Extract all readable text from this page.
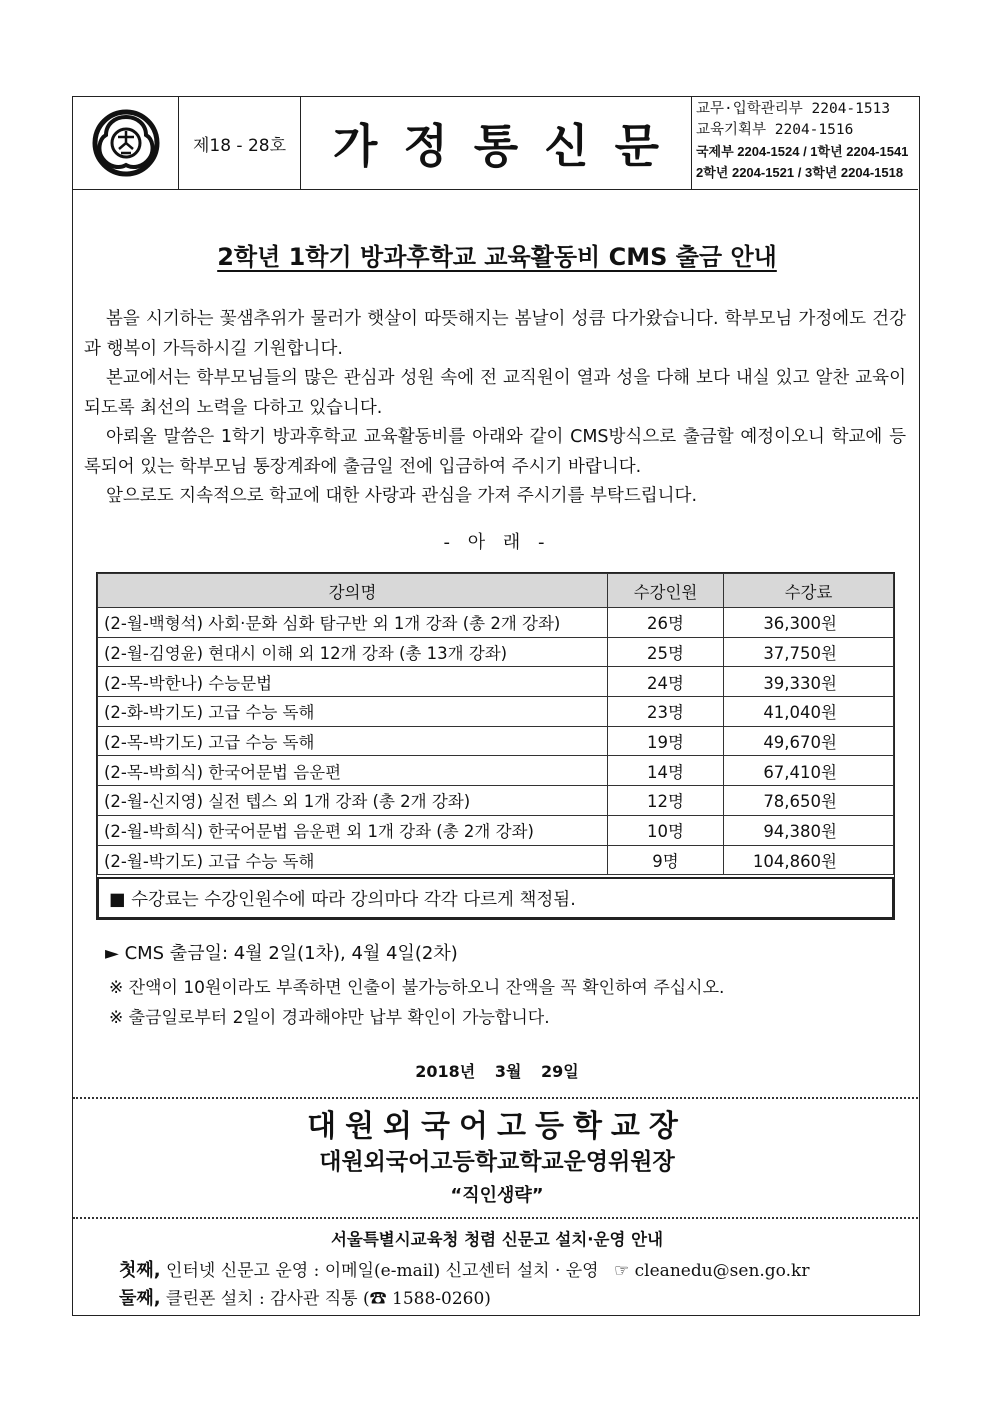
제18 - 28호	가정통신문
교무·입학관리부 2204-1513
교육기획부 2204-1516
국제부 2204-1524 / 1학년 2204-1541
2학년 2204-1521 / 3학년 2204-1518
2학년 1학기 방과후학교 교육활동비 CMS 출금 안내

봄을 시기하는 꽃샘추위가 물러가 햇살이 따뜻해지는 봄날이 성큼 다가왔습니다. 학부모님 가정에도 건강과 행복이 가득하시길 기원합니다.

본교에서는 학부모님들의 많은 관심과 성원 속에 전 교직원이 열과 성을 다해 보다 내실 있고 알찬 교육이 되도록 최선의 노력을 다하고 있습니다.

아뢰올 말씀은 1학기 방과후학교 교육활동비를 아래와 같이 CMS방식으로 출금할 예정이오니 학교에 등록되어 있는 학부모님 통장계좌에 출금일 전에 입금하여 주시기 바랍니다.

앞으로도 지속적으로 학교에 대한 사랑과 관심을 가져 주시기를 부탁드립니다.

- 아 래 -
강의명	수강인원	수강료
(2-월-백형석) 사회·문화 심화 탐구반 외 1개 강좌 (총 2개 강좌)	26명	36,300원
(2-월-김영윤) 현대시 이해 외 12개 강좌 (총 13개 강좌)	25명	37,750원
(2-목-박한나) 수능문법	24명	39,330원
(2-화-박기도) 고급 수능 독해	23명	41,040원
(2-목-박기도) 고급 수능 독해	19명	49,670원
(2-목-박희식) 한국어문법 음운편	14명	67,410원
(2-월-신지영) 실전 텝스 외 1개 강좌 (총 2개 강좌)	12명	78,650원
(2-월-박희식) 한국어문법 음운편 외 1개 강좌 (총 2개 강좌)	10명	94,380원
(2-월-박기도) 고급 수능 독해	9명	104,860원
■ 수강료는 수강인원수에 따라 강의마다 각각 다르게 책정됨.
► CMS 출금일: 4월 2일(1차), 4월 4일(2차)
※ 잔액이 10원이라도 부족하면 인출이 불가능하오니 잔액을 꼭 확인하여 주십시오.
※ 출금일로부터 2일이 경과해야만 납부 확인이 가능합니다.
2018년 3월 29일
대원외국어고등학교장
대원외국어고등학교학교운영위원장
“직인생략”
서울특별시교육청 청렴 신문고 설치·운영 안내
첫째, 인터넷 신문고 운영 : 이메일(e-mail) 신고센터 설치 · 운영 ☞ cleanedu@sen.go.kr
둘째, 클린폰 설치 : 감사관 직통 (☎ 1588-0260)
